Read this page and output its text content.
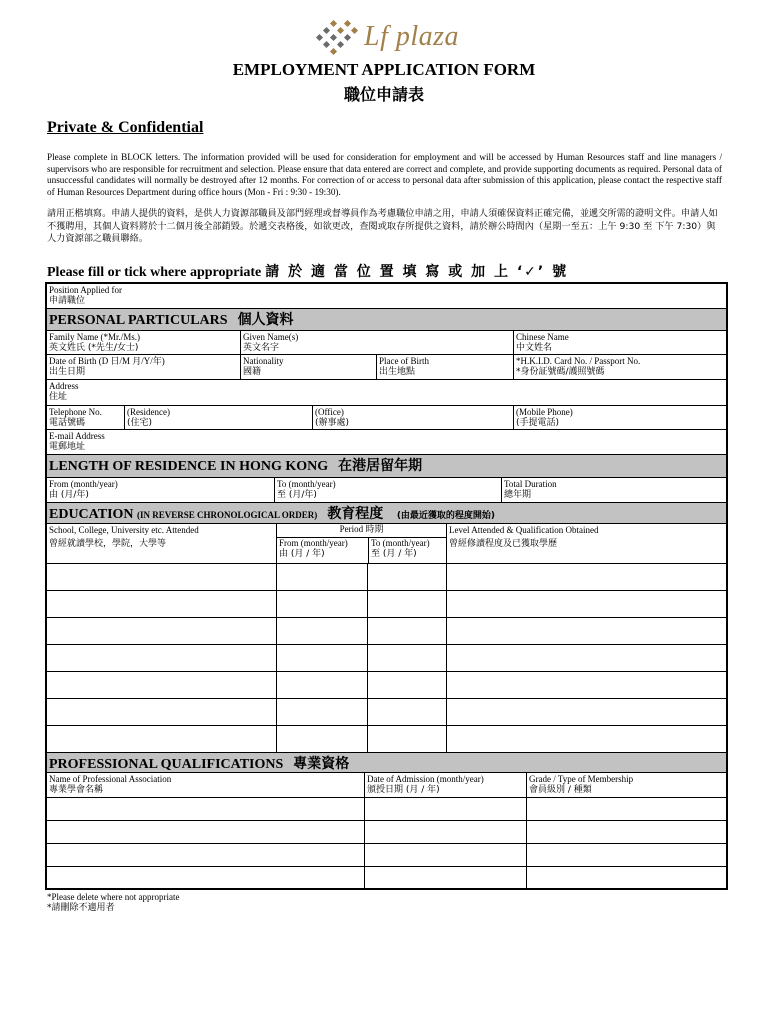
Lf plaza
EMPLOYMENT APPLICATION FORM
職位申請表
Private & Confidential
Please complete in BLOCK letters. The information provided will be used for consideration for employment and will be accessed by Human Resources staff and line managers / supervisors who are responsible for recruitment and selection. Please ensure that data entered are correct and complete, and provide supporting documents as required. Personal data of unsuccessful candidates will normally be destroyed after 12 months. For correction of or access to personal data after submission of this application, please contact the respective staff of Human Resources Department during office hours (Mon - Fri : 9:30 - 19:30).
請用正楷填寫。申請人提供的資料，是供人力資源部職員及部門經理或督導員作為考慮職位申請之用，申請人須確保資料正確完備，並遞交所需的證明文件。申請人如不獲聘用，其個人資料將於十二個月後全部銷毀。於遞交表格後，如欲更改，查閱或取存所提供之資料，請於辦公時間內（星期一至五：上午 9:30 至 下午 7:30）與人力資源部之職員聯絡。
Please fill or tick where appropriate 請 於 適 當 位 置 填 寫 或 加 上 ‘✓’ 號
Position Applied for
申請職位
PERSONAL PARTICULARS 個人資料
Family Name (*Mr./Ms.)
英文姓氏 (*先生/女士)
Given Name(s)
英文名字
Chinese Name
中文姓名
Date of Birth (D 日/M 月/Y/年)
出生日期
Nationality
國籍
Place of Birth
出生地點
*H.K.I.D. Card No. / Passport No.
*身份証號碼/護照號碼
Address
住址
Telephone No.
電話號碼
(Residence)
(住宅)
(Office)
(辦事處)
(Mobile Phone)
(手提電話)
E-mail Address
電郵地址
LENGTH OF RESIDENCE IN HONG KONG 在港居留年期
From (month/year)
由 (月/年)
To (month/year)
至 (月/年)
Total Duration
總年期
EDUCATION (IN REVERSE CHRONOLOGICAL ORDER) 教育程度 (由最近獲取的程度開始)
School, College, University etc. Attended
曾經就讀學校，學院，大學等
Period 時期
From (month/year)
由 (月 / 年)
To (month/year)
至 (月 / 年)
Level Attended & Qualification Obtained
曾經修讀程度及已獲取學歷
PROFESSIONAL QUALIFICATIONS 專業資格
Name of Professional Association
專業學會名稱
Date of Admission (month/year)
頒授日期 (月 / 年)
Grade / Type of Membership
會員級別 / 種類
*Please delete where not appropriate
*請刪除不適用者
